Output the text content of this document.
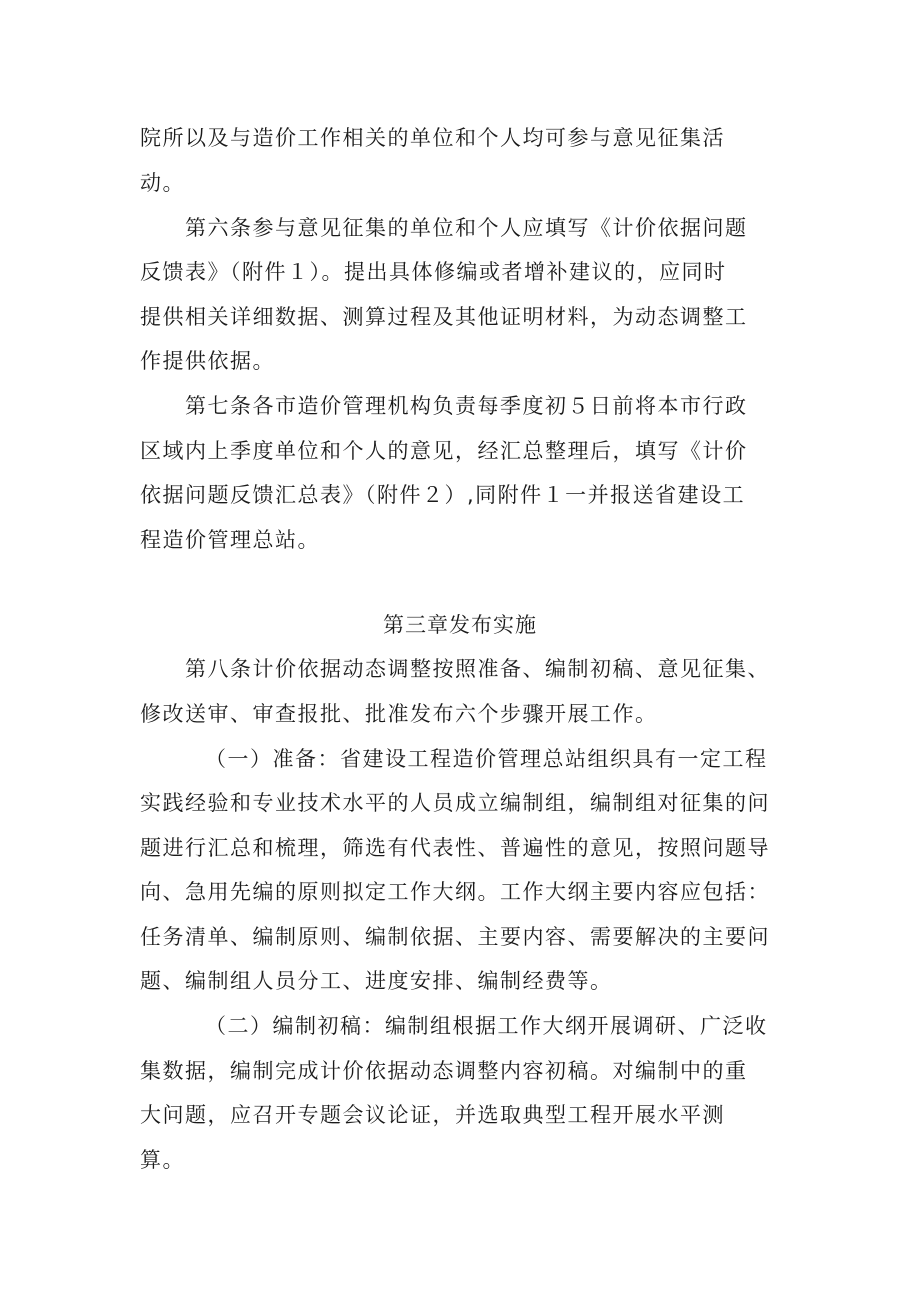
院所以及与造价工作相关的单位和个人均可参与意见征集活
动。
第六条参与意见征集的单位和个人应填写《计价依据问题
反馈表》（附件１）。提出具体修编或者增补建议的，应同时
提供相关详细数据、测算过程及其他证明材料，为动态调整工
作提供依据。
第七条各市造价管理机构负责每季度初５日前将本市行政
区域内上季度单位和个人的意见，经汇总整理后，填写《计价
依据问题反馈汇总表》（附件２）,同附件１一并报送省建设工
程造价管理总站。
第三章发布实施
第八条计价依据动态调整按照准备、编制初稿、意见征集、
修改送审、审查报批、批准发布六个步骤开展工作。
（一）准备：省建设工程造价管理总站组织具有一定工程
实践经验和专业技术水平的人员成立编制组，编制组对征集的问
题进行汇总和梳理，筛选有代表性、普遍性的意见，按照问题导
向、急用先编的原则拟定工作大纲。工作大纲主要内容应包括：
任务清单、编制原则、编制依据、主要内容、需要解决的主要问
题、编制组人员分工、进度安排、编制经费等。
（二）编制初稿：编制组根据工作大纲开展调研、广泛收
集数据，编制完成计价依据动态调整内容初稿。对编制中的重
大问题，应召开专题会议论证，并选取典型工程开展水平测
算。
